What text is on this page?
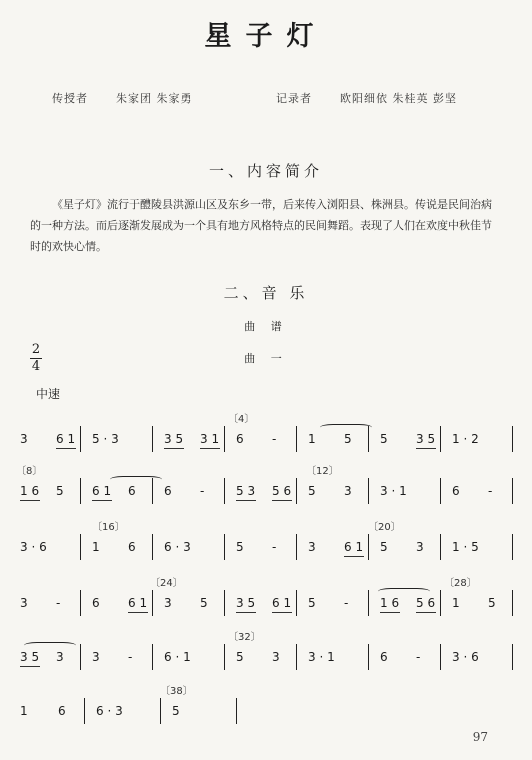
星子灯
传授者	朱家团 朱家勇	记录者	欧阳细依 朱桂英 彭坚
一、内容简介
《星子灯》流行于醴陵县洪源山区及东乡一带，后来传入浏阳县、株洲县。传说是民间治病的一种方法。而后逐渐发展成为一个具有地方风格特点的民间舞蹈。表现了人们在欢度中秋佳节时的欢快心情。
二、音 乐
曲 谱
曲 一
2
4
中速
〔4〕
3 6 1 5 · 3	3 5 3 1 6 -	1 5 5 3 5 1 · 2
〔8〕	〔12〕
1 6 5 6 1 6 6 -	5 3 5 6 5 3 3 · 1	6 -
〔16〕	〔20〕
3 · 6	1 6 6 · 3	5 -	3 6 1 5 3 1 · 5
〔24〕	〔28〕
3 -	6 6 1 3 5 3 5 6 1 5 -	1 6 5 6 1 5
〔32〕
3 5 3 3 -	6 · 1	5 3 3 · 1	6 -	3 · 6
〔38〕
1	6	6 · 3	5
97
